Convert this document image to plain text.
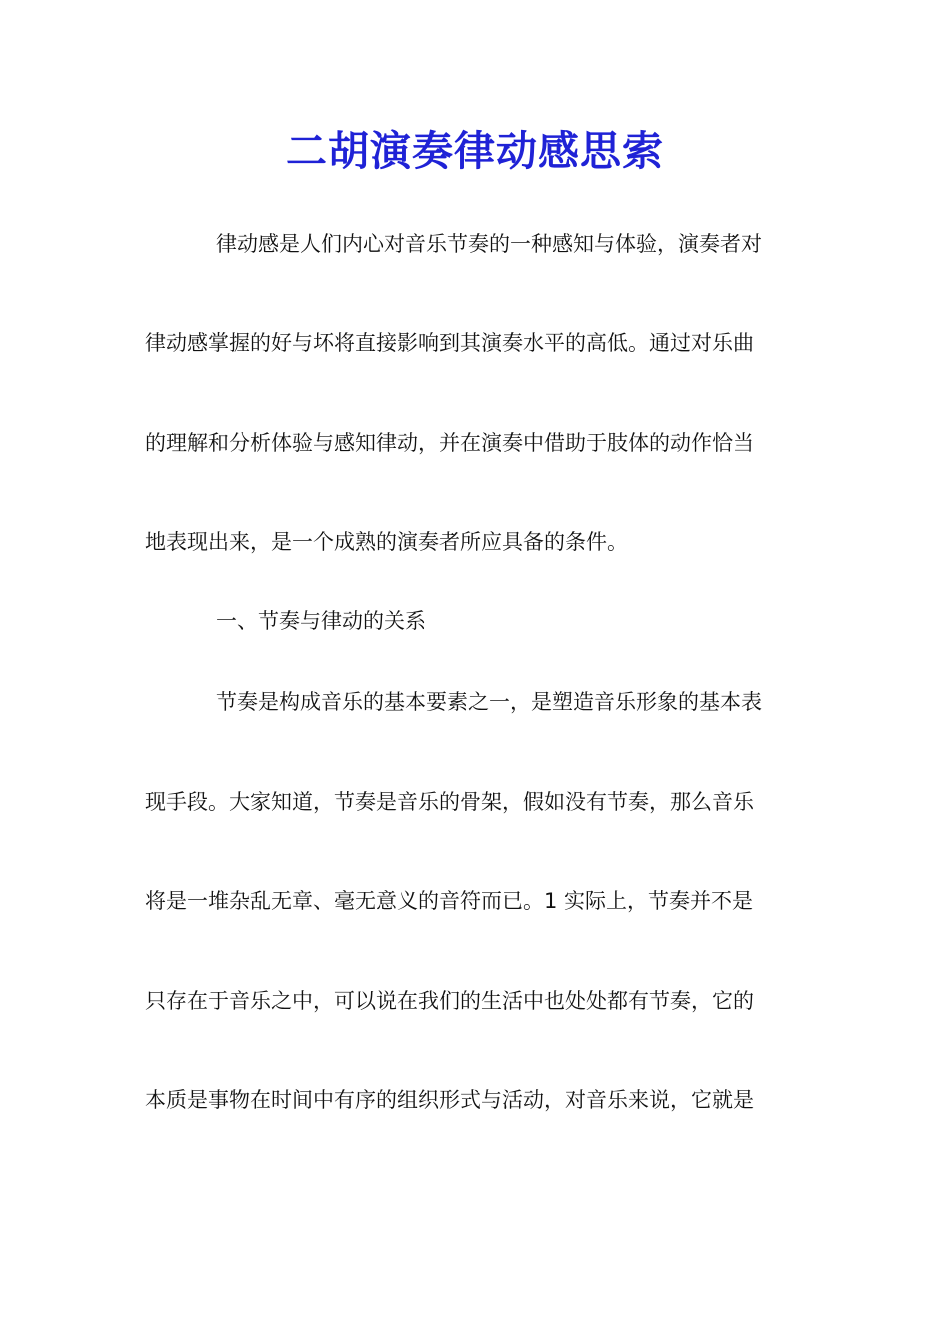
二胡演奏律动感思索

律动感是人们内心对音乐节奏的一种感知与体验，演奏者对

律动感掌握的好与坏将直接影响到其演奏水平的高低。通过对乐曲

的理解和分析体验与感知律动，并在演奏中借助于肢体的动作恰当

地表现出来，是一个成熟的演奏者所应具备的条件。

一、节奏与律动的关系

节奏是构成音乐的基本要素之一，是塑造音乐形象的基本表

现手段。大家知道，节奏是音乐的骨架，假如没有节奏，那么音乐

将是一堆杂乱无章、毫无意义的音符而已。1 实际上，节奏并不是

只存在于音乐之中，可以说在我们的生活中也处处都有节奏，它的

本质是事物在时间中有序的组织形式与活动，对音乐来说，它就是
